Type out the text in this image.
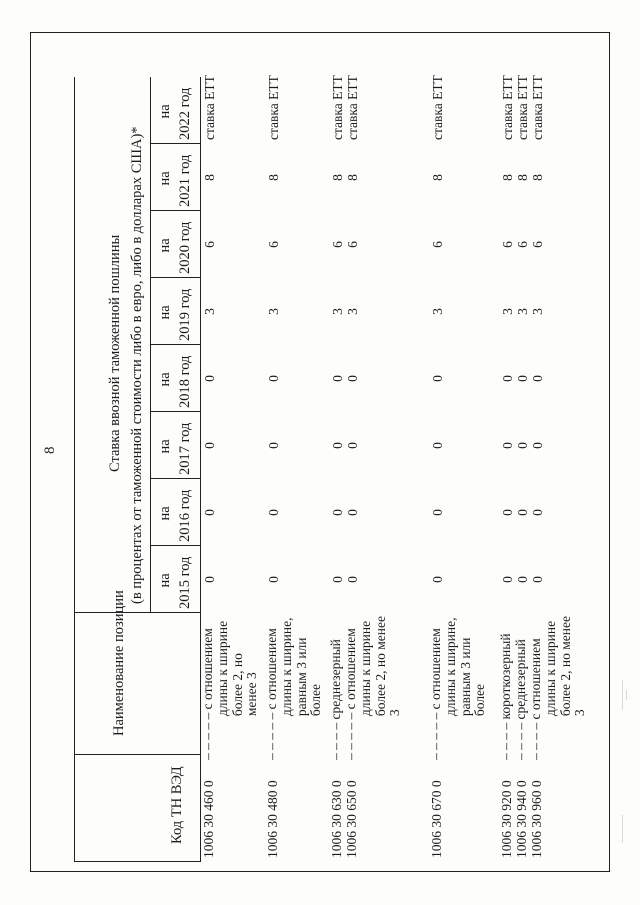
8
Код ТН ВЭД
Наименование позиции
Ставка ввозной таможенной пошлины (в процентах от таможенной стоимости либо в евро, либо в долларах США)* на 2015 год
на 2016 год
на 2017 год
на 2018 год
на 2019 год
на 2020 год
на 2021 год
на 2022 год
1006 30 460 0
– – – – – с отношением
длины к ширине
более 2, но
менее 3
0
0
0
0
3
6
8
ставка ЕТТ
1006 30 480 0
– – – – – с отношением
длины к ширине,
равным 3 или
более
0
0
0
0
3
6
8
ставка ЕТТ
1006 30 630 0
– – – – среднезерный
0
0
0
0
3
6
8
ставка ЕТТ
1006 30 650 0
– – – – – с отношением
длины к ширине
более 2, но менее
3
0
0
0
0
3
6
8
ставка ЕТТ
1006 30 670 0
– – – – – с отношением
длины к ширине,
равным 3 или
более
0
0
0
0
3
6
8
ставка ЕТТ
1006 30 920 0
– – – – короткозерный
0
0
0
0
3
6
8
ставка ЕТТ
1006 30 940 0
– – – – среднезерный
0
0
0
0
3
6
8
ставка ЕТТ
1006 30 960 0
– – – – с отношением
длины к ширине
более 2, но менее
3
0
0
0
0
3
6
8
ставка ЕТТ
